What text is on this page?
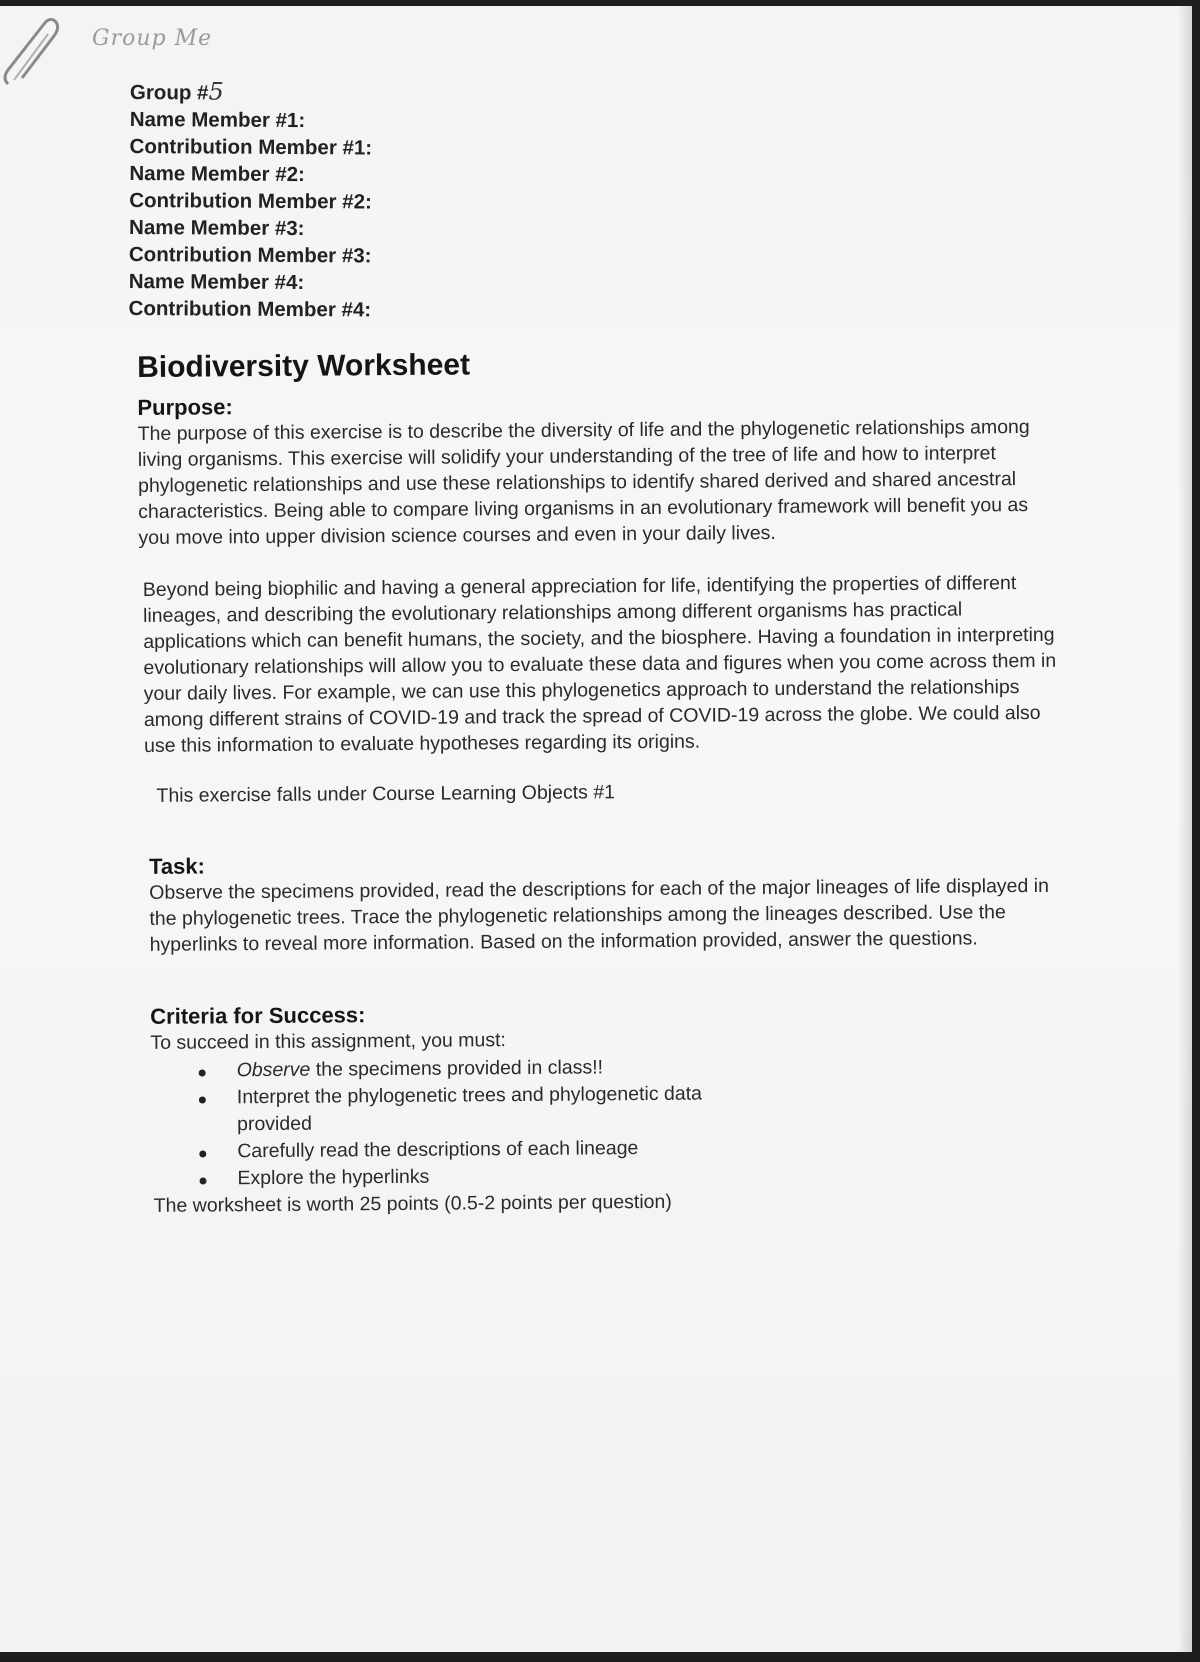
Group Me
Group #5
Name Member #1:
Contribution Member #1:
Name Member #2:
Contribution Member #2:
Name Member #3:
Contribution Member #3:
Name Member #4:
Contribution Member #4:
Biodiversity Worksheet
Purpose:

The purpose of this exercise is to describe the diversity of life and the phylogenetic relationships among living organisms. This exercise will solidify your understanding of the tree of life and how to interpret phylogenetic relationships and use these relationships to identify shared derived and shared ancestral characteristics. Being able to compare living organisms in an evolutionary framework will benefit you as you move into upper division science courses and even in your daily lives.

Beyond being biophilic and having a general appreciation for life, identifying the properties of different lineages, and describing the evolutionary relationships among different organisms has practical applications which can benefit humans, the society, and the biosphere. Having a foundation in interpreting evolutionary relationships will allow you to evaluate these data and figures when you come across them in your daily lives. For example, we can use this phylogenetics approach to understand the relationships among different strains of COVID-19 and track the spread of COVID-19 across the globe. We could also use this information to evaluate hypotheses regarding its origins.

This exercise falls under Course Learning Objects #1

Task:

Observe the specimens provided, read the descriptions for each of the major lineages of life displayed in the phylogenetic trees. Trace the phylogenetic relationships among the lineages described. Use the hyperlinks to reveal more information. Based on the information provided, answer the questions.

Criteria for Success:

To succeed in this assignment, you must:

Observe the specimens provided in class!!
Interpret the phylogenetic trees and phylogenetic data provided
Carefully read the descriptions of each lineage
Explore the hyperlinks

The worksheet is worth 25 points (0.5-2 points per question)
